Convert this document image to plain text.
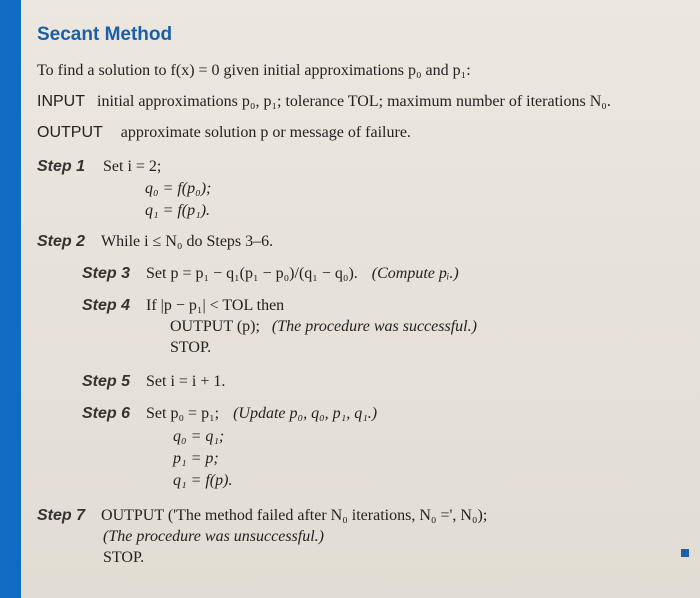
Secant Method
To find a solution to f(x) = 0 given initial approximations p₀ and p₁:
INPUT initial approximations p₀, p₁; tolerance TOL; maximum number of iterations N₀.
OUTPUT approximate solution p or message of failure.
Step 1 Set i = 2;
q₀ = f(p₀);
q₁ = f(p₁).
Step 2 While i ≤ N₀ do Steps 3–6.
Step 3 Set p = p₁ − q₁(p₁ − p₀)/(q₁ − q₀). (Compute pᵢ.)
Step 4 If |p − p₁| < TOL then
OUTPUT (p); (The procedure was successful.)
STOP.
Step 5 Set i = i + 1.
Step 6 Set p₀ = p₁; (Update p₀, q₀, p₁, q₁.)
q₀ = q₁;
p₁ = p;
q₁ = f(p).
Step 7 OUTPUT ('The method failed after N₀ iterations, N₀ =', N₀);
(The procedure was unsuccessful.)
STOP.
